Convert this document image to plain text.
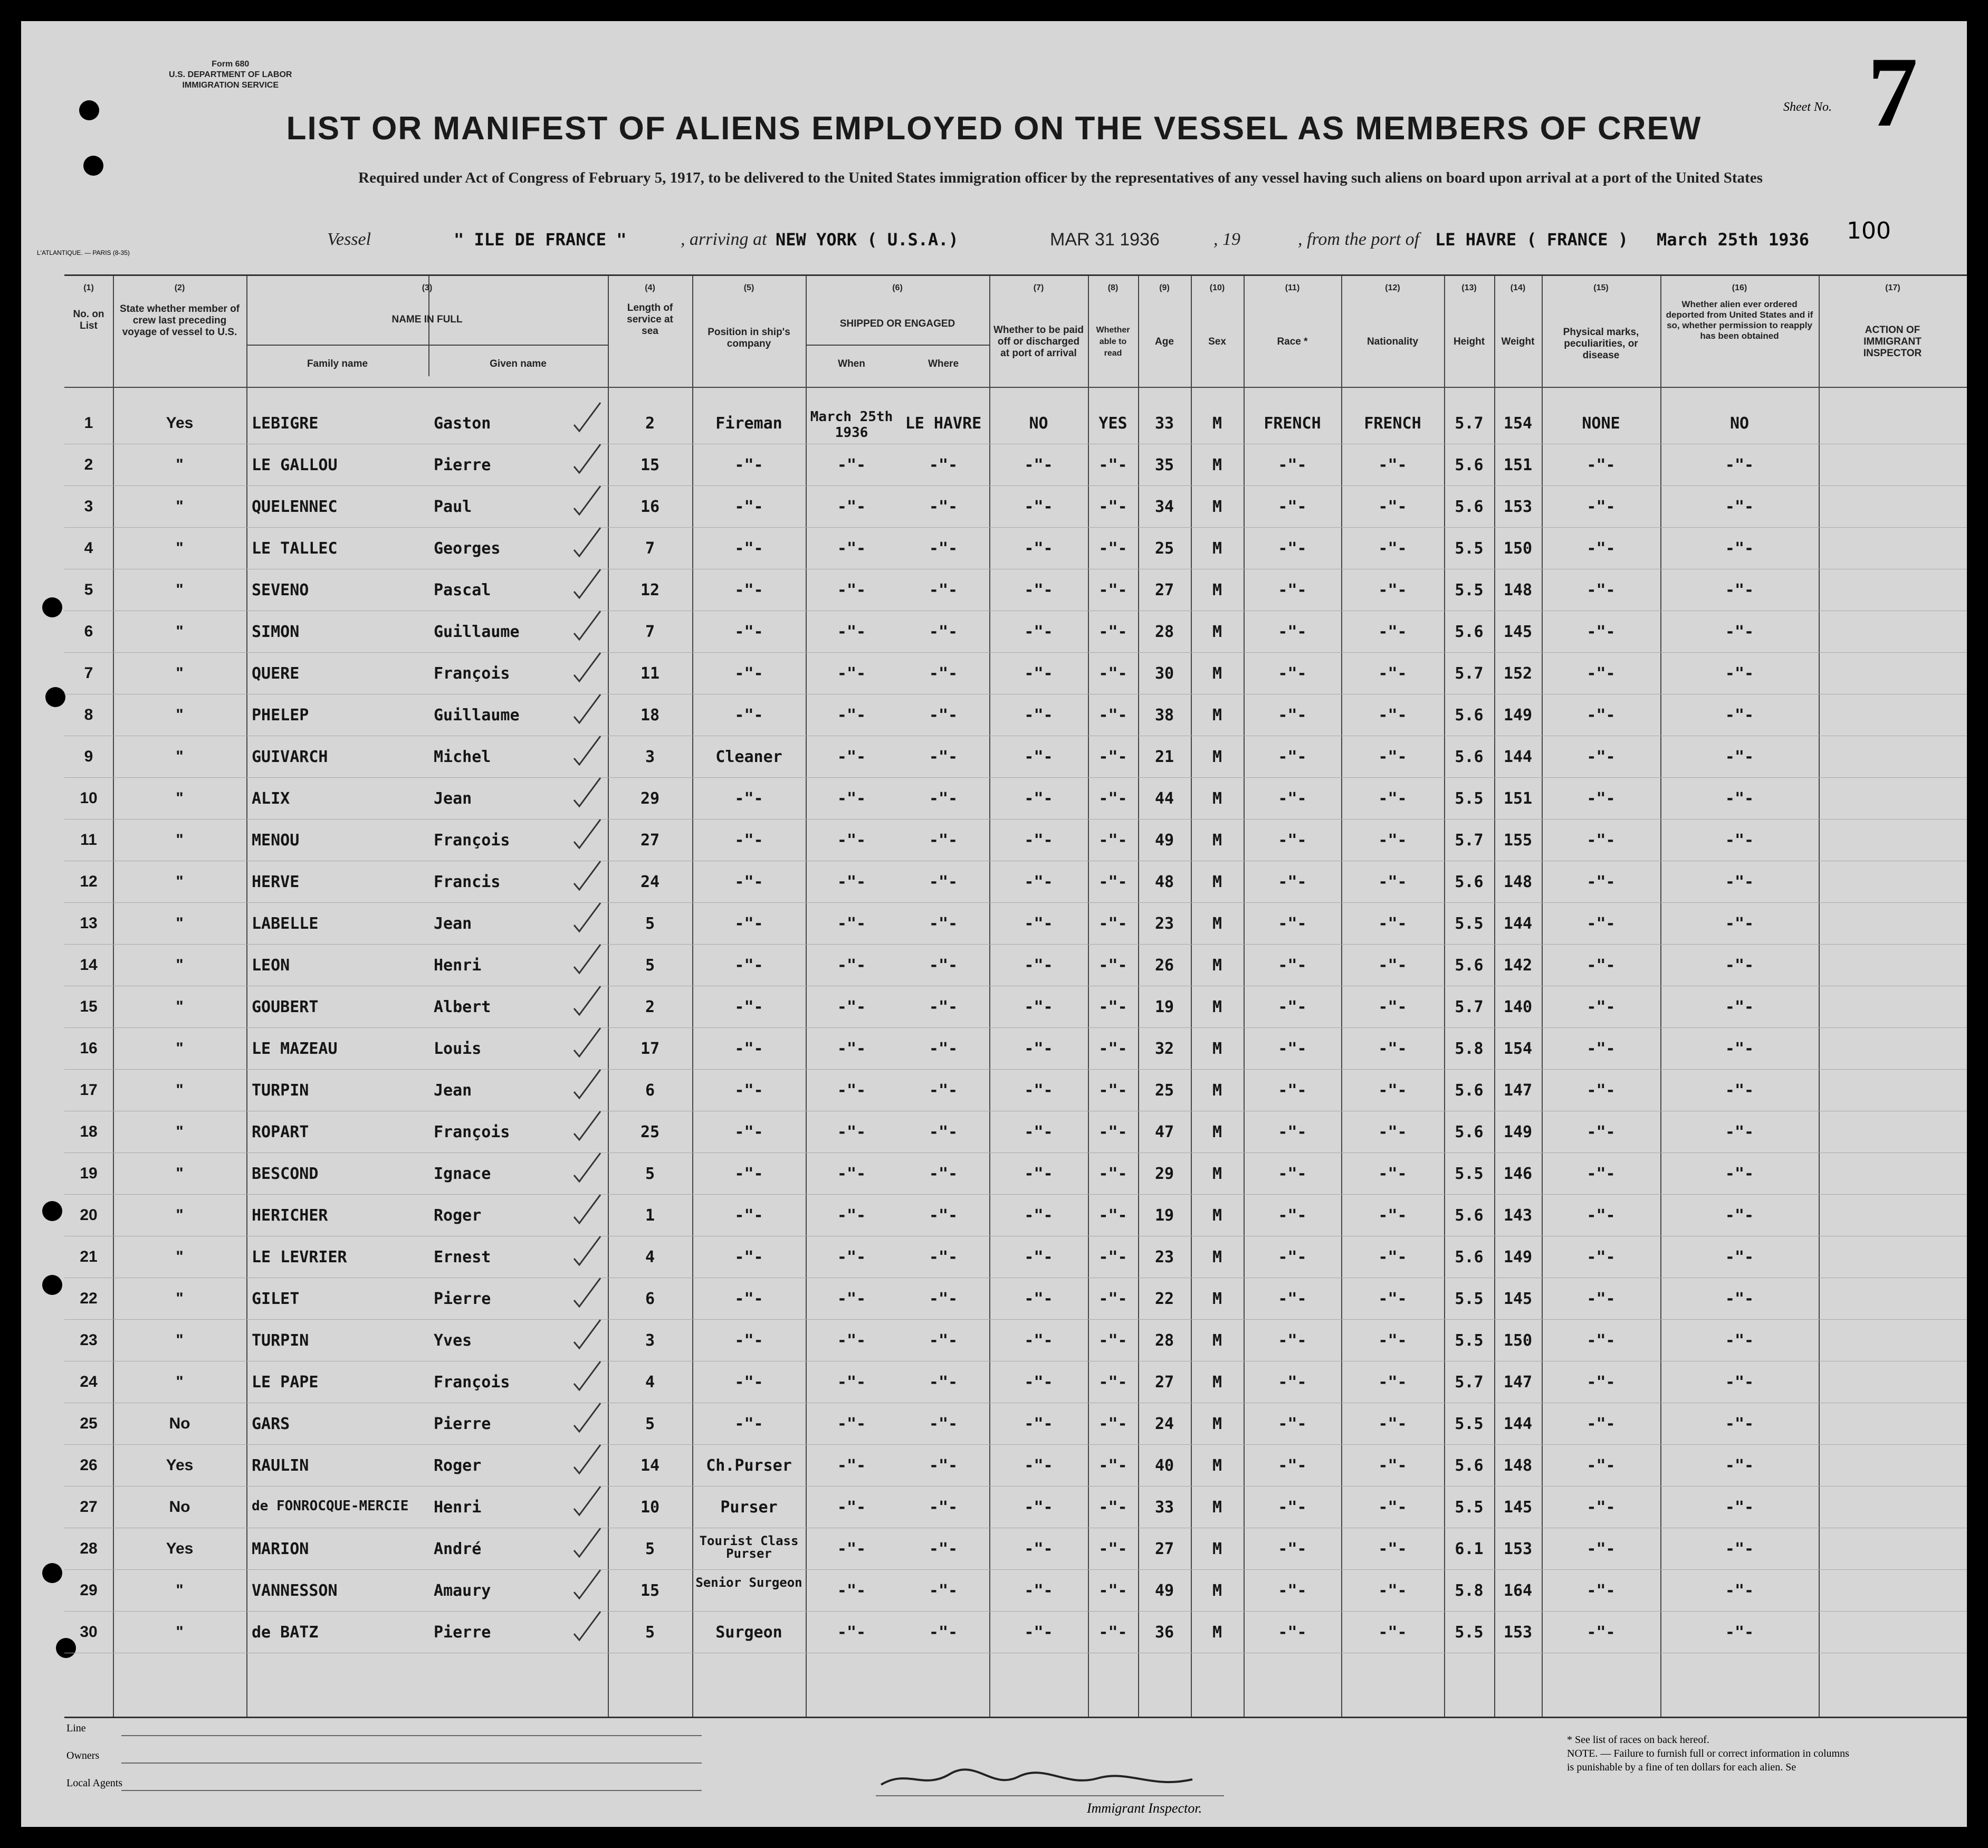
Form 680
U.S. DEPARTMENT OF LABOR
IMMIGRATION SERVICE
LIST OR MANIFEST OF ALIENS EMPLOYED ON THE VESSEL AS MEMBERS OF CREW
Required under Act of Congress of February 5, 1917, to be delivered to the United States immigration officer by the representatives of any vessel having such aliens on board upon arrival at a port of the United States
Sheet No. 7
100
Vessel	" ILE DE FRANCE "	, arriving at NEW YORK ( U.S.A.)	MAR 31 1936	, 19	, from the port of LE HAVRE ( FRANCE ) March 25th 1936
L'ATLANTIQUE. — PARIS (8-35)
(1)
No. on List
(2)
State whether member of crew last preceding voyage of vessel to U.S.
(3)
NAME IN FULL
Family name	Given name
(4)
Length of service at sea
(5)
Position in ship's company
(6)
SHIPPED OR ENGAGED
When	Where
(7)
Whether to be paid off or discharged at port of arrival
(8)
Whether able to read
(9)
Age
(10)
Sex
(11)
Race *
(12)
Nationality
(13)
Height
(14)
Weight
(15)
Physical marks, peculiarities, or disease
(16)
Whether alien ever ordered deported from United States and if so, whether permission to reapply has been obtained
(17)
ACTION OF IMMIGRANT INSPECTOR
1	Yes	LEBIGRE	Gaston	2	Fireman	March 25th 1936	LE HAVRE	NO	YES	33	M	FRENCH	FRENCH	5.7	154	NONE	NO
2	"	LE GALLOU	Pierre	15	-"-	-"-	-"-	-"-	-"-	35	M	-"-	-"-	5.6	151	-"-	-"-
3	"	QUELENNEC	Paul	16	-"-	-"-	-"-	-"-	-"-	34	M	-"-	-"-	5.6	153	-"-	-"-
4	"	LE TALLEC	Georges	7	-"-	-"-	-"-	-"-	-"-	25	M	-"-	-"-	5.5	150	-"-	-"-
5	"	SEVENO	Pascal	12	-"-	-"-	-"-	-"-	-"-	27	M	-"-	-"-	5.5	148	-"-	-"-
6	"	SIMON	Guillaume	7	-"-	-"-	-"-	-"-	-"-	28	M	-"-	-"-	5.6	145	-"-	-"-
7	"	QUERE	François	11	-"-	-"-	-"-	-"-	-"-	30	M	-"-	-"-	5.7	152	-"-	-"-
8	"	PHELEP	Guillaume	18	-"-	-"-	-"-	-"-	-"-	38	M	-"-	-"-	5.6	149	-"-	-"-
9	"	GUIVARCH	Michel	3	Cleaner	-"-	-"-	-"-	-"-	21	M	-"-	-"-	5.6	144	-"-	-"-
10	"	ALIX	Jean	29	-"-	-"-	-"-	-"-	-"-	44	M	-"-	-"-	5.5	151	-"-	-"-
11	"	MENOU	François	27	-"-	-"-	-"-	-"-	-"-	49	M	-"-	-"-	5.7	155	-"-	-"-
12	"	HERVE	Francis	24	-"-	-"-	-"-	-"-	-"-	48	M	-"-	-"-	5.6	148	-"-	-"-
13	"	LABELLE	Jean	5	-"-	-"-	-"-	-"-	-"-	23	M	-"-	-"-	5.5	144	-"-	-"-
14	"	LEON	Henri	5	-"-	-"-	-"-	-"-	-"-	26	M	-"-	-"-	5.6	142	-"-	-"-
15	"	GOUBERT	Albert	2	-"-	-"-	-"-	-"-	-"-	19	M	-"-	-"-	5.7	140	-"-	-"-
16	"	LE MAZEAU	Louis	17	-"-	-"-	-"-	-"-	-"-	32	M	-"-	-"-	5.8	154	-"-	-"-
17	"	TURPIN	Jean	6	-"-	-"-	-"-	-"-	-"-	25	M	-"-	-"-	5.6	147	-"-	-"-
18	"	ROPART	François	25	-"-	-"-	-"-	-"-	-"-	47	M	-"-	-"-	5.6	149	-"-	-"-
19	"	BESCOND	Ignace	5	-"-	-"-	-"-	-"-	-"-	29	M	-"-	-"-	5.5	146	-"-	-"-
20	"	HERICHER	Roger	1	-"-	-"-	-"-	-"-	-"-	19	M	-"-	-"-	5.6	143	-"-	-"-
21	"	LE LEVRIER	Ernest	4	-"-	-"-	-"-	-"-	-"-	23	M	-"-	-"-	5.6	149	-"-	-"-
22	"	GILET	Pierre	6	-"-	-"-	-"-	-"-	-"-	22	M	-"-	-"-	5.5	145	-"-	-"-
23	"	TURPIN	Yves	3	-"-	-"-	-"-	-"-	-"-	28	M	-"-	-"-	5.5	150	-"-	-"-
24	"	LE PAPE	François	4	-"-	-"-	-"-	-"-	-"-	27	M	-"-	-"-	5.7	147	-"-	-"-
25	No	GARS	Pierre	5	-"-	-"-	-"-	-"-	-"-	24	M	-"-	-"-	5.5	144	-"-	-"-
26	Yes	RAULIN	Roger	14	Ch.Purser	-"-	-"-	-"-	-"-	40	M	-"-	-"-	5.6	148	-"-	-"-
27	No	de FONROCQUE-MERCIE	Henri	10	Purser	-"-	-"-	-"-	-"-	33	M	-"-	-"-	5.5	145	-"-	-"-
28	Yes	MARION	André	5	Tourist Class Purser	-"-	-"-	-"-	-"-	27	M	-"-	-"-	6.1	153	-"-	-"-
29	"	VANNESSON	Amaury	15	Senior Surgeon	-"-	-"-	-"-	-"-	49	M	-"-	-"-	5.8	164	-"-	-"-
30	"	de BATZ	Pierre	5	Surgeon	-"-	-"-	-"-	-"-	36	M	-"-	-"-	5.5	153	-"-	-"-
Line
Owners
Local Agents
Immigrant Inspector.
* See list of races on back hereof.
NOTE. — Failure to furnish full or correct information in columns
is punishable by a fine of ten dollars for each alien. Se
